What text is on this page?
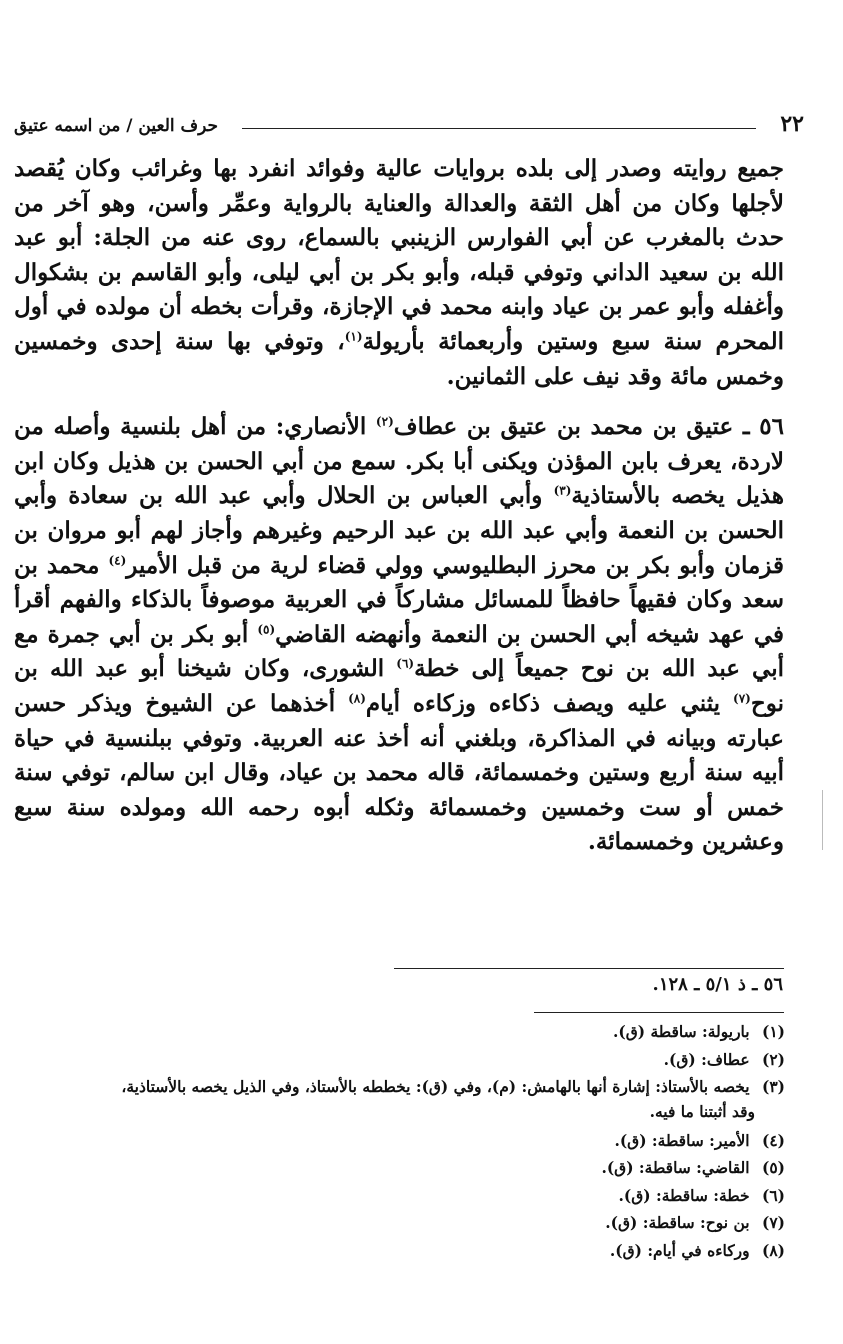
٢٢
حرف العين / من اسمه عتيق

جميع روايته وصدر إلى بلده بروايات عالية وفوائد انفرد بها وغرائب وكان يُقصد لأجلها وكان من أهل الثقة والعدالة والعناية بالرواية وعمِّر وأسن، وهو آخر من حدث بالمغرب عن أبي الفوارس الزينبي بالسماع، روى عنه من الجلة: أبو عبد الله بن سعيد الداني وتوفي قبله، وأبو بكر بن أبي ليلى، وأبو القاسم بن بشكوال وأغفله وأبو عمر بن عياد وابنه محمد في الإجازة، وقرأت بخطه أن مولده في أول المحرم سنة سبع وستين وأربعمائة بأريولة$^{(١)}$، وتوفي بها سنة إحدى وخمسين وخمس مائة وقد نيف على الثمانين.

٥٦ ـ عتيق بن محمد بن عتيق بن عطاف$^{(٢)}$ الأنصاري: من أهل بلنسية وأصله من لاردة، يعرف بابن المؤذن ويكنى أبا بكر. سمع من أبي الحسن بن هذيل وكان ابن هذيل يخصه بالأستاذية$^{(٣)}$ وأبي العباس بن الحلال وأبي عبد الله بن سعادة وأبي الحسن بن النعمة وأبي عبد الله بن عبد الرحيم وغيرهم وأجاز لهم أبو مروان بن قزمان وأبو بكر بن محرز البطليوسي وولي قضاء لرية من قبل الأمير$^{(٤)}$ محمد بن سعد وكان فقيهاً حافظاً للمسائل مشاركاً في العربية موصوفاً بالذكاء والفهم أقرأ في عهد شيخه أبي الحسن بن النعمة وأنهضه القاضي$^{(٥)}$ أبو بكر بن أبي جمرة مع أبي عبد الله بن نوح جميعاً إلى خطة$^{(٦)}$ الشورى، وكان شيخنا أبو عبد الله بن نوح$^{(٧)}$ يثني عليه ويصف ذكاءه وزكاءه أيام$^{(٨)}$ أخذهما عن الشيوخ ويذكر حسن عبارته وبيانه في المذاكرة، وبلغني أنه أخذ عنه العربية. وتوفي ببلنسية في حياة أبيه سنة أربع وستين وخمسمائة، قاله محمد بن عياد، وقال ابن سالم، توفي سنة خمس أو ست وخمسين وخمسمائة وثكله أبوه رحمه الله ومولده سنة سبع وعشرين وخمسمائة.

٥٦ ـ ذ ٥/١ ـ ١٢٨.
(١) باريولة: ساقطة (ق).
(٢) عطاف: (ق).
(٣) يخصه بالأستاذ: إشارة أنها بالهامش: (م)، وفي (ق): يخططه بالأستاذ، وفي الذيل يخصه بالأستاذية،
وقد أثبتنا ما فيه.
(٤) الأمير: ساقطة: (ق).
(٥) القاضي: ساقطة: (ق).
(٦) خطة: ساقطة: (ق).
(٧) بن نوح: ساقطة: (ق).
(٨) وركاءه في أيام: (ق).
